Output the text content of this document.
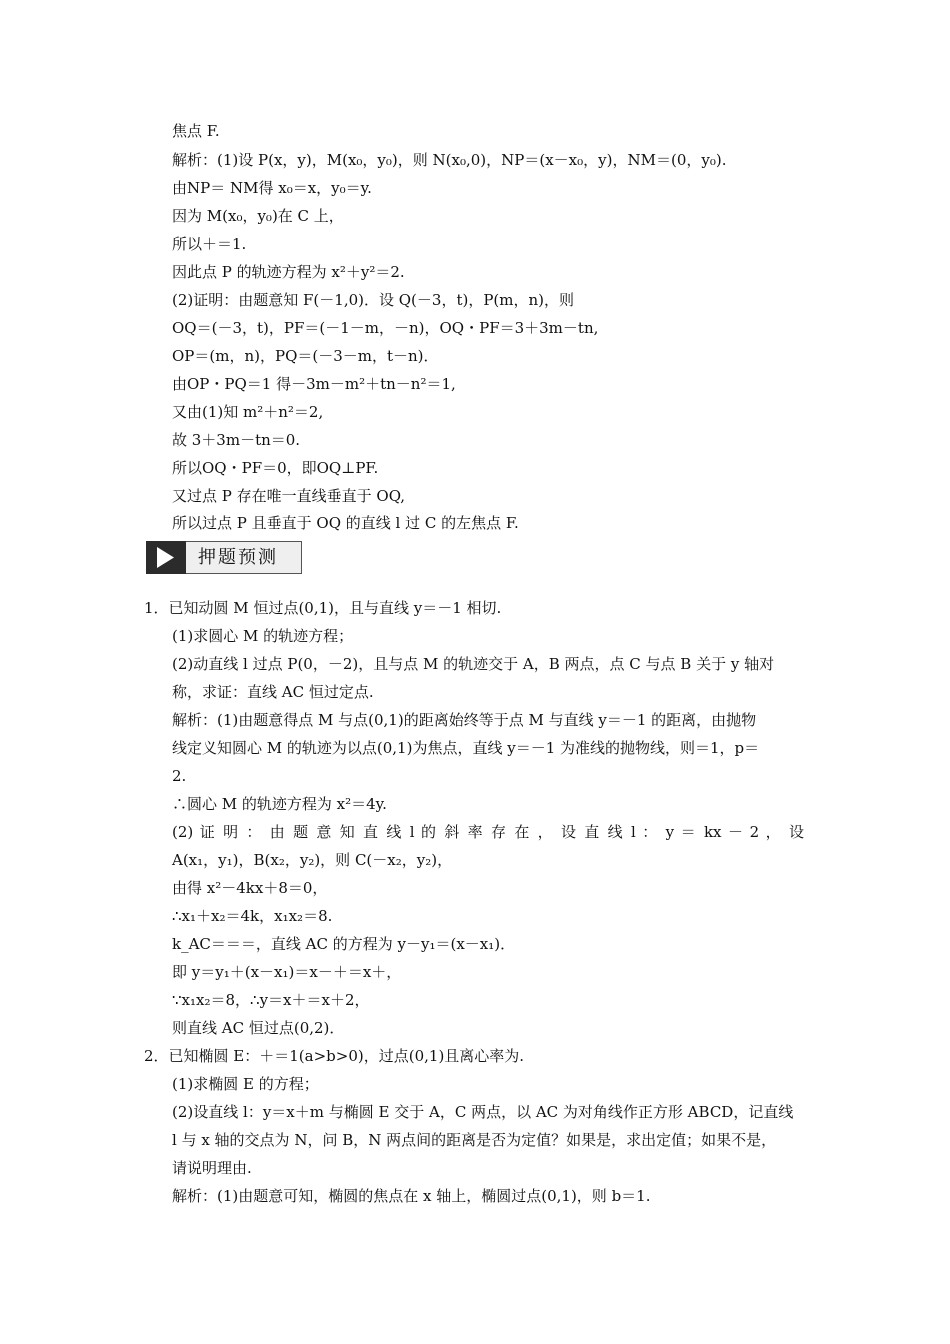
焦点 F.
解析：(1)设 P(x，y)，M(x₀，y₀)，则 N(x₀,0)，NP＝(x－x₀，y)，NM＝(0，y₀).
由NP＝ NM得 x₀＝x，y₀＝y.
因为 M(x₀，y₀)在 C 上，
所以＋＝1.
因此点 P 的轨迹方程为 x²＋y²＝2.
(2)证明：由题意知 F(－1,0)．设 Q(－3，t)，P(m，n)，则
OQ＝(－3，t)，PF＝(－1－m，－n)，OQ・PF＝3＋3m－tn,
OP＝(m，n)，PQ＝(－3－m，t－n)．
由OP・PQ＝1 得－3m－m²＋tn－n²＝1,
又由(1)知 m²＋n²＝2,
故 3＋3m－tn＝0.
所以OQ・PF＝0，即OQ⊥PF.
又过点 P 存在唯一直线垂直于 OQ,
所以过点 P 且垂直于 OQ 的直线 l 过 C 的左焦点 F.
押题预测
1．已知动圆 M 恒过点(0,1)，且与直线 y＝－1 相切.
(1)求圆心 M 的轨迹方程；
(2)动直线 l 过点 P(0，－2)，且与点 M 的轨迹交于 A，B 两点，点 C 与点 B 关于 y 轴对
称，求证：直线 AC 恒过定点.
解析：(1)由题意得点 M 与点(0,1)的距离始终等于点 M 与直线 y＝－1 的距离，由抛物
线定义知圆心 M 的轨迹为以点(0,1)为焦点，直线 y＝－1 为准线的抛物线，则＝1，p＝
2.
∴圆心 M 的轨迹方程为 x²＝4y.
(2) 证 明 ： 由 题 意 知 直 线 l 的 斜 率 存 在 ， 设 直 线 l ： y ＝ kx － 2 ， 设
A(x₁，y₁)，B(x₂，y₂)，则 C(－x₂，y₂)，
由得 x²－4kx＋8＝0，
∴x₁＋x₂＝4k，x₁x₂＝8.
k_AC＝＝＝，直线 AC 的方程为 y－y₁＝(x－x₁)．
即 y＝y₁＋(x－x₁)＝x－＋＝x＋，
∵x₁x₂＝8，∴y＝x＋＝x＋2，
则直线 AC 恒过点(0,2)．
2．已知椭圆 E：＋＝1(a>b>0)，过点(0,1)且离心率为.
(1)求椭圆 E 的方程；
(2)设直线 l：y＝x＋m 与椭圆 E 交于 A，C 两点，以 AC 为对角线作正方形 ABCD，记直线
l 与 x 轴的交点为 N，问 B，N 两点间的距离是否为定值？如果是，求出定值；如果不是，
请说明理由.
解析：(1)由题意可知，椭圆的焦点在 x 轴上，椭圆过点(0,1)，则 b＝1.
